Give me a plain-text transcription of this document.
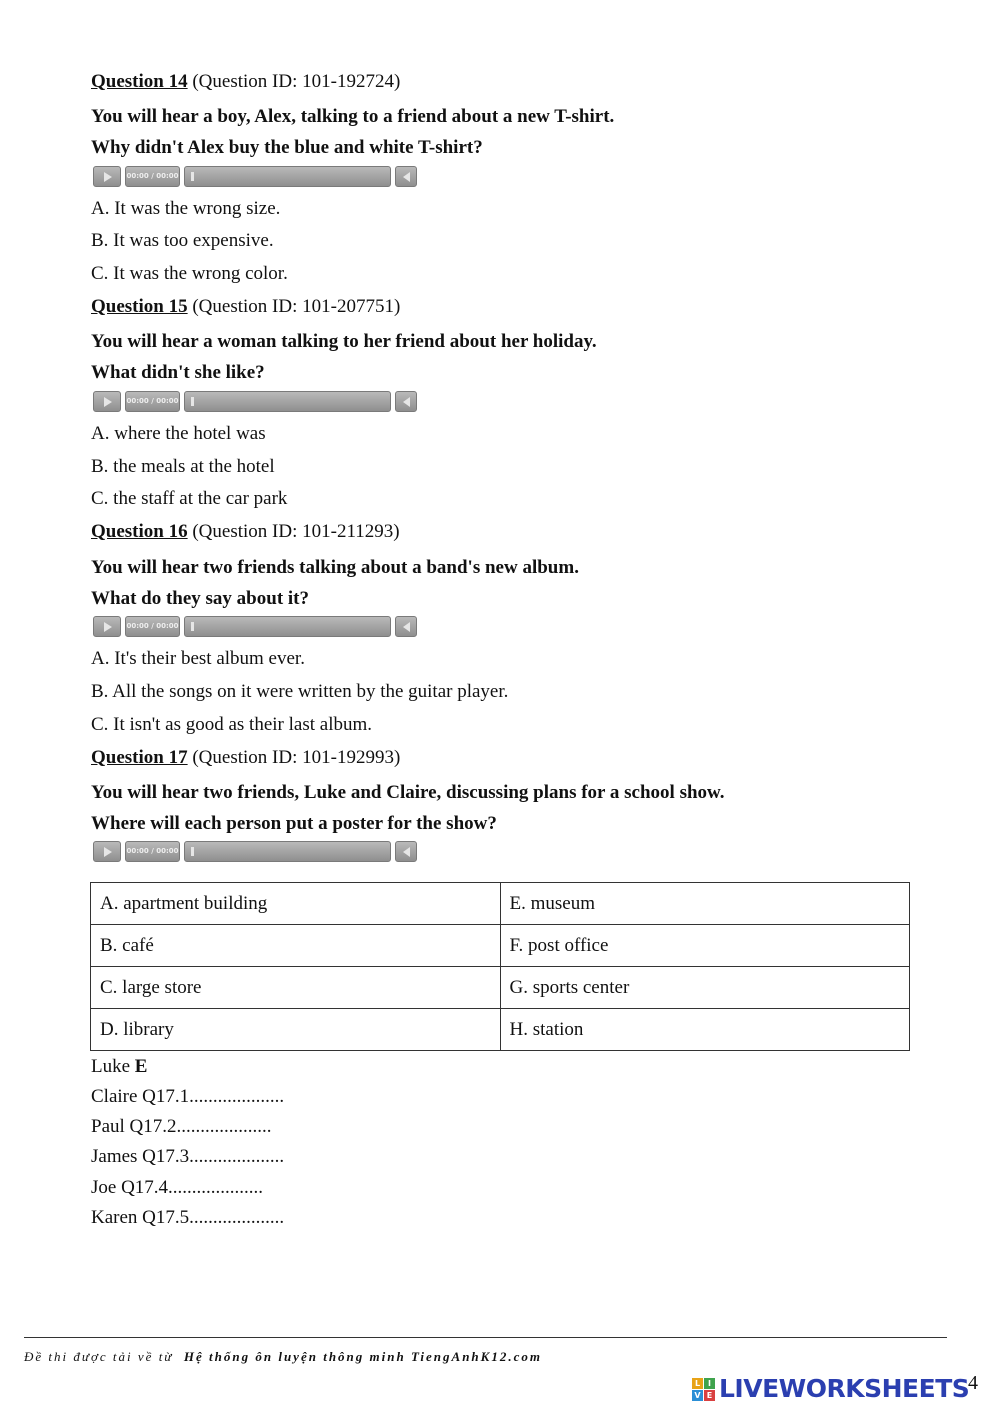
Question 14 (Question ID: 101-192724)
You will hear a boy, Alex, talking to a friend about a new T-shirt.
Why didn't Alex buy the blue and white T-shirt?
00:00 / 00:00
A. It was the wrong size.
B. It was too expensive.
C. It was the wrong color.
Question 15 (Question ID: 101-207751)
You will hear a woman talking to her friend about her holiday.
What didn't she like?
00:00 / 00:00
A. where the hotel was
B. the meals at the hotel
C. the staff at the car park
Question 16 (Question ID: 101-211293)
You will hear two friends talking about a band's new album.
What do they say about it?
00:00 / 00:00
A. It's their best album ever.
B. All the songs on it were written by the guitar player.
C. It isn't as good as their last album.
Question 17 (Question ID: 101-192993)
You will hear two friends, Luke and Claire, discussing plans for a school show.
Where will each person put a poster for the show?
00:00 / 00:00
A. apartment building	E. museum
B. café	F. post office
C. large store	G. sports center
D. library	H. station
Luke E
Claire Q17.1....................
Paul Q17.2....................
James Q17.3....................
Joe Q17.4....................
Karen Q17.5....................
Đề thi được tải về từ Hệ thống ôn luyện thông minh TiengAnhK12.com
L I
V E LIVEWORKSHEETS
4
